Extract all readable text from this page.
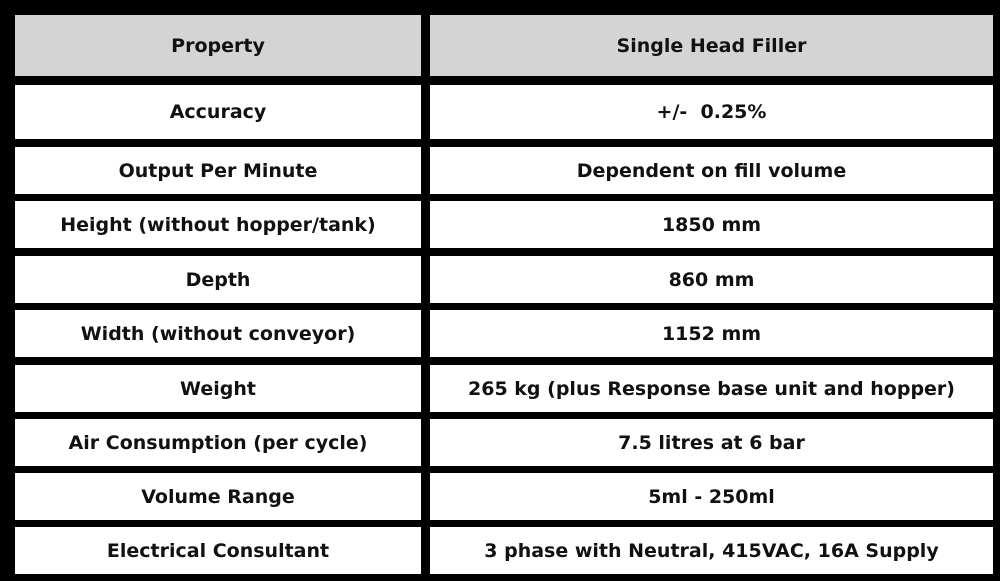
Property	Single Head Filler
Accuracy	+/-  0.25%
Output Per Minute	Dependent on fill volume
Height (without hopper/tank)	1850 mm
Depth	860 mm
Width (without conveyor)	1152 mm
Weight	265 kg (plus Response base unit and hopper)
Air Consumption (per cycle)	7.5 litres at 6 bar
Volume Range	5ml - 250ml
Electrical Consultant	3 phase with Neutral, 415VAC, 16A Supply
